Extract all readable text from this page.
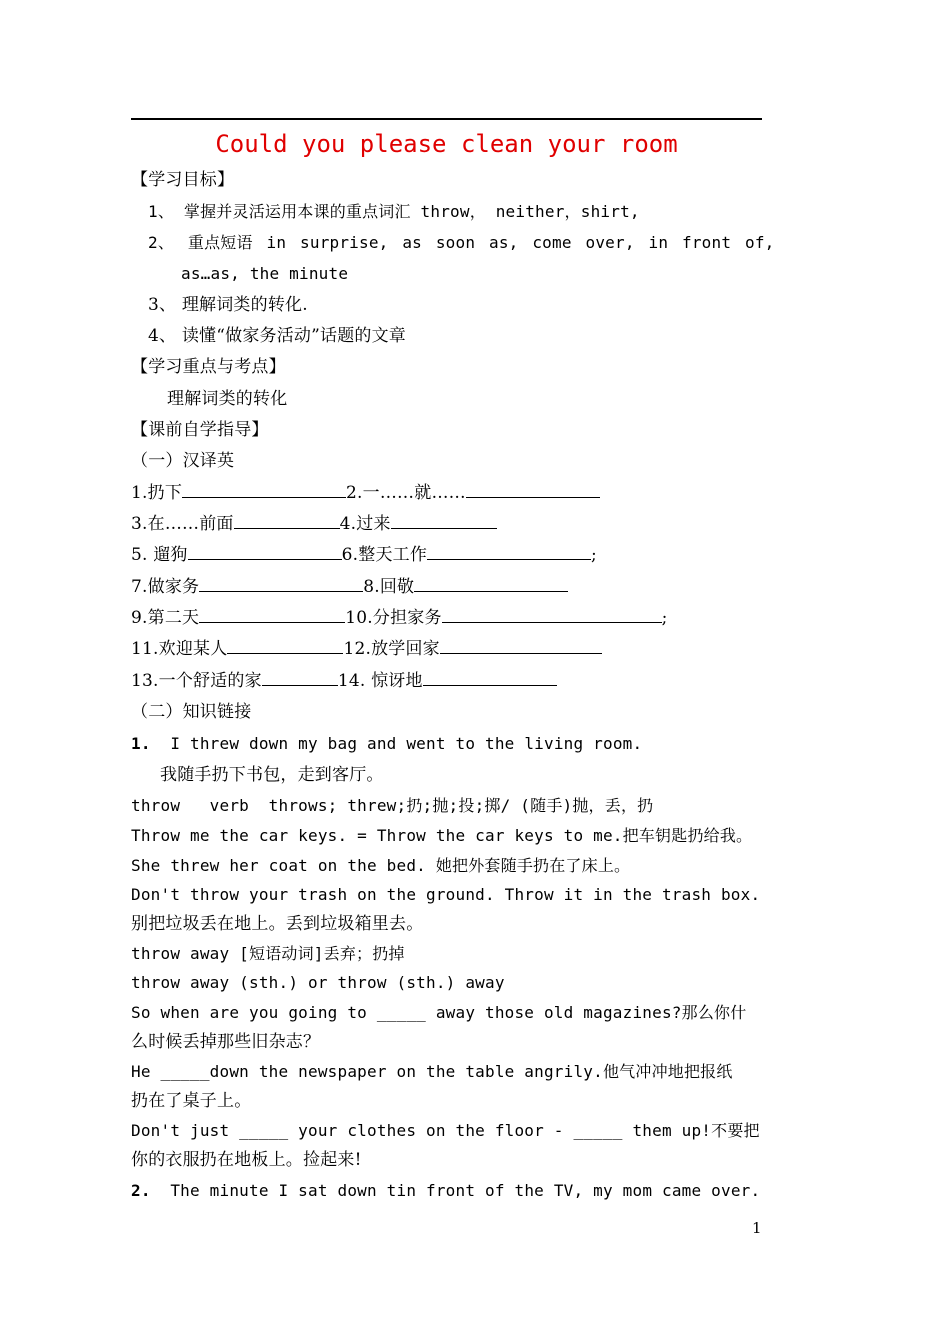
Could you please clean your room
【学习目标】
1、 掌握并灵活运用本课的重点词汇 throw， neither，shirt,
2、 重点短语 in surprise, as soon as, come over, in front of,
as…as, the minute
3、 理解词类的转化.
4、 读懂“做家务活动”话题的文章
【学习重点与考点】
理解词类的转化
【课前自学指导】
（一）汉译英
1.扔下	2.一……就……
3.在……前面	4.过来
5. 遛狗	6.整天工作	;
7.做家务	8.回敬
9.第二天	10.分担家务	;
11.欢迎某人	12.放学回家
13.一个舒适的家	14. 惊讶地
（二）知识链接
1. I threw down my bag and went to the living room.
我随手扔下书包，走到客厅。
throw   verb  throws; threw;扔;抛;投;掷/ (随手)抛，丢，扔
Throw me the car keys. = Throw the car keys to me.把车钥匙扔给我。
She threw her coat on the bed. 她把外套随手扔在了床上。
Don't throw your trash on the ground. Throw it in the trash box.
别把垃圾丢在地上。丢到垃圾箱里去。
throw away [短语动词]丢弃；扔掉
throw away (sth.) or throw (sth.) away
So when are you going to _____ away those old magazines?那么你什
么时候丢掉那些旧杂志？
He _____down the newspaper on the table angrily.他气冲冲地把报纸
扔在了桌子上。
Don't just _____ your clothes on the floor - _____ them up!不要把
你的衣服扔在地板上。捡起来!
2. The minute I sat down tin front of the TV, my mom came over.
1
